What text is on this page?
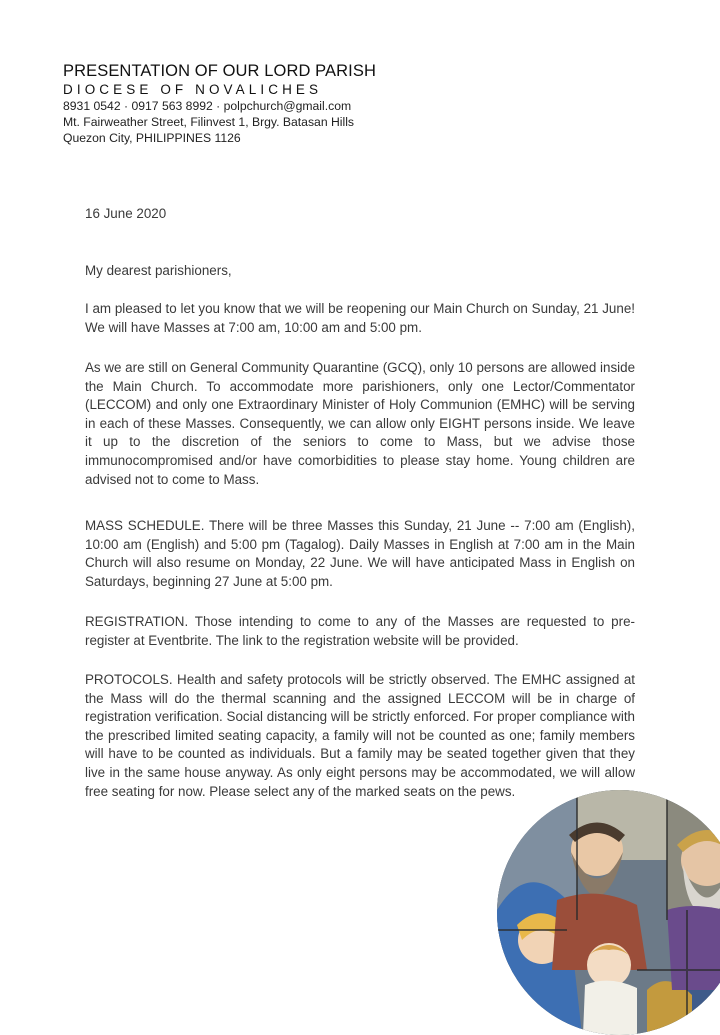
PRESENTATION OF OUR LORD PARISH
DIOCESE OF NOVALICHES
8931 0542 · 0917 563 8992 · polpchurch@gmail.com
Mt. Fairweather Street, Filinvest 1, Brgy. Batasan Hills
Quezon City, PHILIPPINES 1126
16 June 2020
My dearest parishioners,
I am pleased to let you know that we will be reopening our Main Church on Sunday, 21 June! We will have Masses at 7:00 am, 10:00 am and 5:00 pm.
As we are still on General Community Quarantine (GCQ), only 10 persons are allowed inside the Main Church. To accommodate more parishioners, only one Lector/Commentator (LECCOM) and only one Extraordinary Minister of Holy Communion (EMHC) will be serving in each of these Masses. Consequently, we can allow only EIGHT persons inside. We leave it up to the discretion of the seniors to come to Mass, but we advise those immunocompromised and/or have comorbidities to please stay home. Young children are advised not to come to Mass.
MASS SCHEDULE. There will be three Masses this Sunday, 21 June -- 7:00 am (English), 10:00 am (English) and 5:00 pm (Tagalog). Daily Masses in English at 7:00 am in the Main Church will also resume on Monday, 22 June. We will have anticipated Mass in English on Saturdays, beginning 27 June at 5:00 pm.
REGISTRATION. Those intending to come to any of the Masses are requested to pre-register at Eventbrite. The link to the registration website will be provided.
PROTOCOLS. Health and safety protocols will be strictly observed. The EMHC assigned at the Mass will do the thermal scanning and the assigned LECCOM will be in charge of registration verification. Social distancing will be strictly enforced. For proper compliance with the prescribed limited seating capacity, a family will not be counted as one; family members will have to be counted as individuals. But a family may be seated together given that they live in the same house anyway. As only eight persons may be accommodated, we will allow free seating for now. Please select any of the marked seats on the pews.
